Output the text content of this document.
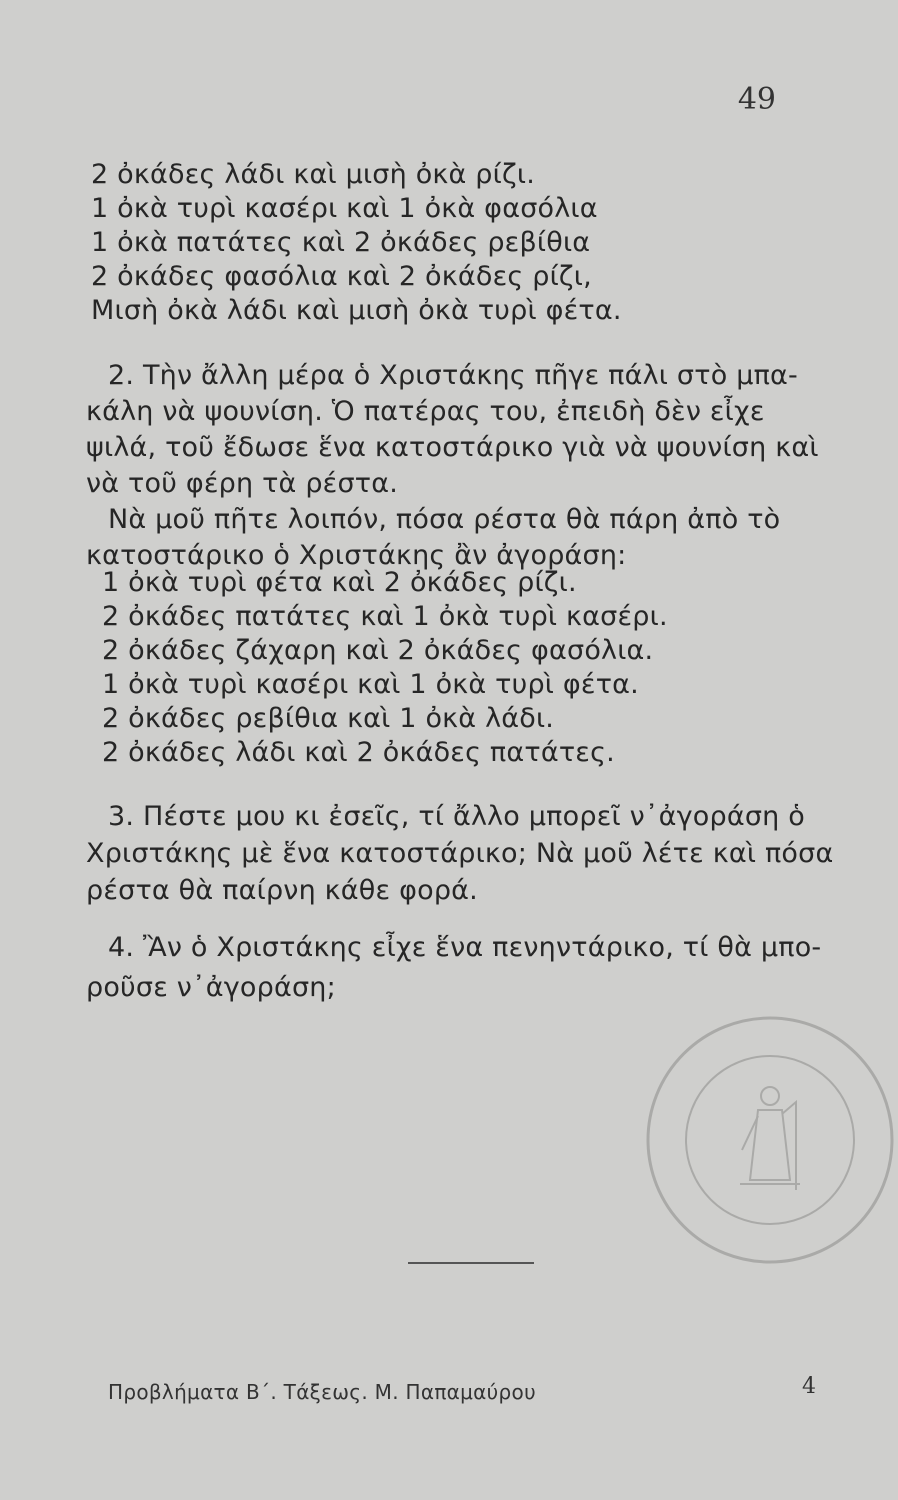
49
2 ὀκάδες λάδι καὶ μισὴ ὀκὰ ρίζι.
1 ὀκὰ τυρὶ κασέρι καὶ 1 ὀκὰ φασόλια
1 ὀκὰ πατάτες καὶ 2 ὀκάδες ρεβίθια
2 ὀκάδες φασόλια καὶ 2 ὀκάδες ρίζι,
Μισὴ ὀκὰ λάδι καὶ μισὴ ὀκὰ τυρὶ φέτα.
2. Τὴν ἄλλη μέρα ὁ Χριστάκης πῆγε πάλι στὸ μπα-
κάλη νὰ ψουνίση. Ὁ πατέρας του, ἐπειδὴ δὲν εἶχε
ψιλά, τοῦ ἔδωσε ἕνα κατοστάρικο γιὰ νὰ ψουνίση καὶ
νὰ τοῦ φέρη τὰ ρέστα.
Νὰ μοῦ πῆτε λοιπόν, πόσα ρέστα θὰ πάρη ἀπὸ τὸ
κατοστάρικο ὁ Χριστάκης ἂν ἀγοράση:
1 ὀκὰ τυρὶ φέτα καὶ 2 ὀκάδες ρίζι.
2 ὀκάδες πατάτες καὶ 1 ὀκὰ τυρὶ κασέρι.
2 ὀκάδες ζάχαρη καὶ 2 ὀκάδες φασόλια.
1 ὀκὰ τυρὶ κασέρι καὶ 1 ὀκὰ τυρὶ φέτα.
2 ὀκάδες ρεβίθια καὶ 1 ὀκὰ λάδι.
2 ὀκάδες λάδι καὶ 2 ὀκάδες πατάτες.
3. Πέστε μου κι ἐσεῖς, τί ἄλλο μπορεῖ ν᾿ἀγοράση ὁ
Χριστάκης μὲ ἕνα κατοστάρικο; Νὰ μοῦ λέτε καὶ πόσα
ρέστα θὰ παίρνη κάθε φορά.
4. Ἂν ὁ Χριστάκης εἶχε ἕνα πενηντάρικο, τί θὰ μπο-
ροῦσε ν᾿ἀγοράση;
Προβλήματα Β΄. Τάξεως. Μ. Παπαμαύρου	4
